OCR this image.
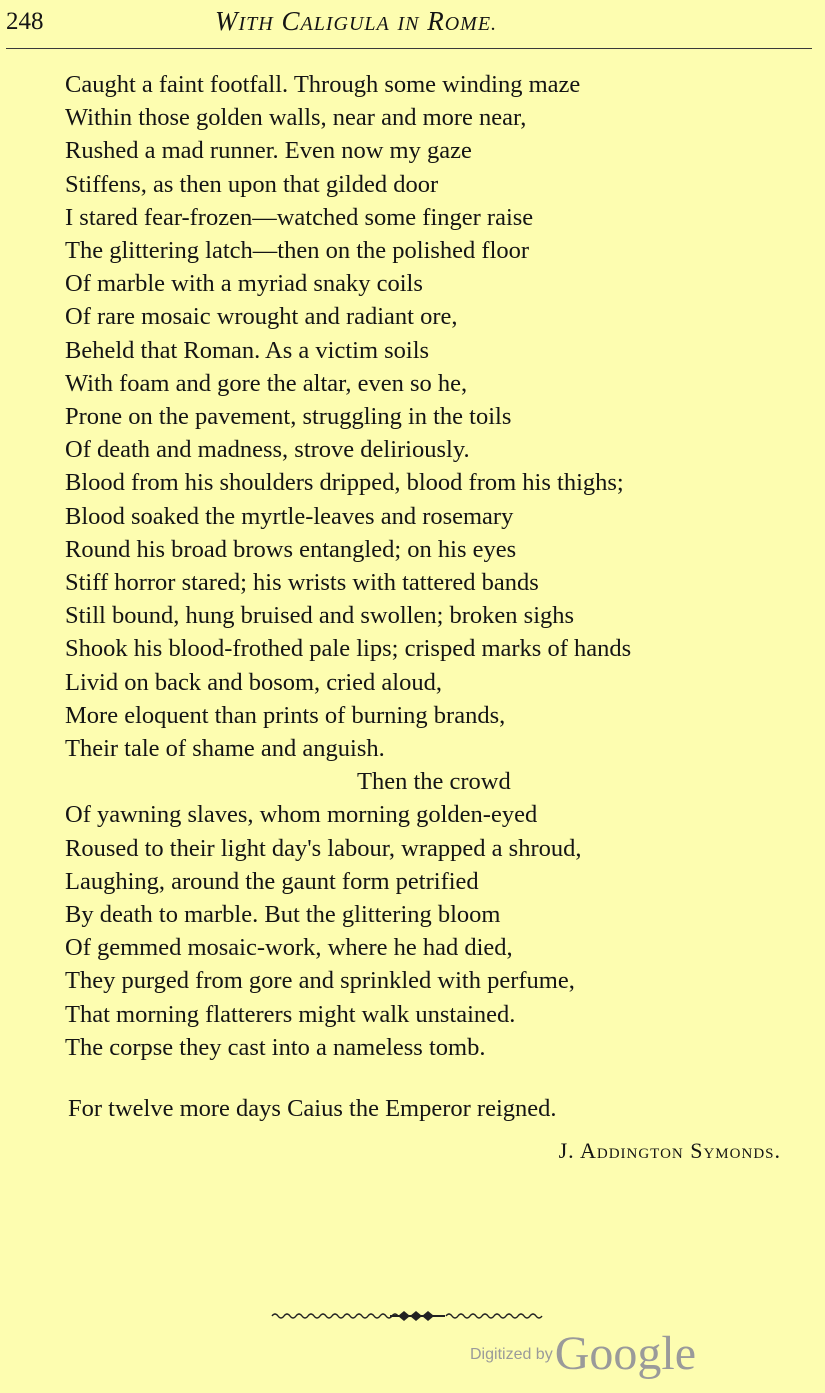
248	WITH CALIGULA IN ROME.
Caught a faint footfall. Through some winding maze
Within those golden walls, near and more near,
Rushed a mad runner. Even now my gaze
Stiffens, as then upon that gilded door
I stared fear-frozen—watched some finger raise
The glittering latch—then on the polished floor
Of marble with a myriad snaky coils
Of rare mosaic wrought and radiant ore,
Beheld that Roman. As a victim soils
With foam and gore the altar, even so he,
Prone on the pavement, struggling in the toils
Of death and madness, strove deliriously.
Blood from his shoulders dripped, blood from his thighs;
Blood soaked the myrtle-leaves and rosemary
Round his broad brows entangled; on his eyes
Stiff horror stared; his wrists with tattered bands
Still bound, hung bruised and swollen; broken sighs
Shook his blood-frothed pale lips; crisped marks of hands
Livid on back and bosom, cried aloud,
More eloquent than prints of burning brands,
Their tale of shame and anguish.
Then the crowd
Of yawning slaves, whom morning golden-eyed
Roused to their light day's labour, wrapped a shroud,
Laughing, around the gaunt form petrified
By death to marble. But the glittering bloom
Of gemmed mosaic-work, where he had died,
They purged from gore and sprinkled with perfume,
That morning flatterers might walk unstained.
The corpse they cast into a nameless tomb.
For twelve more days Caius the Emperor reigned.
J. Addington Symonds.
Digitized byGoogle
